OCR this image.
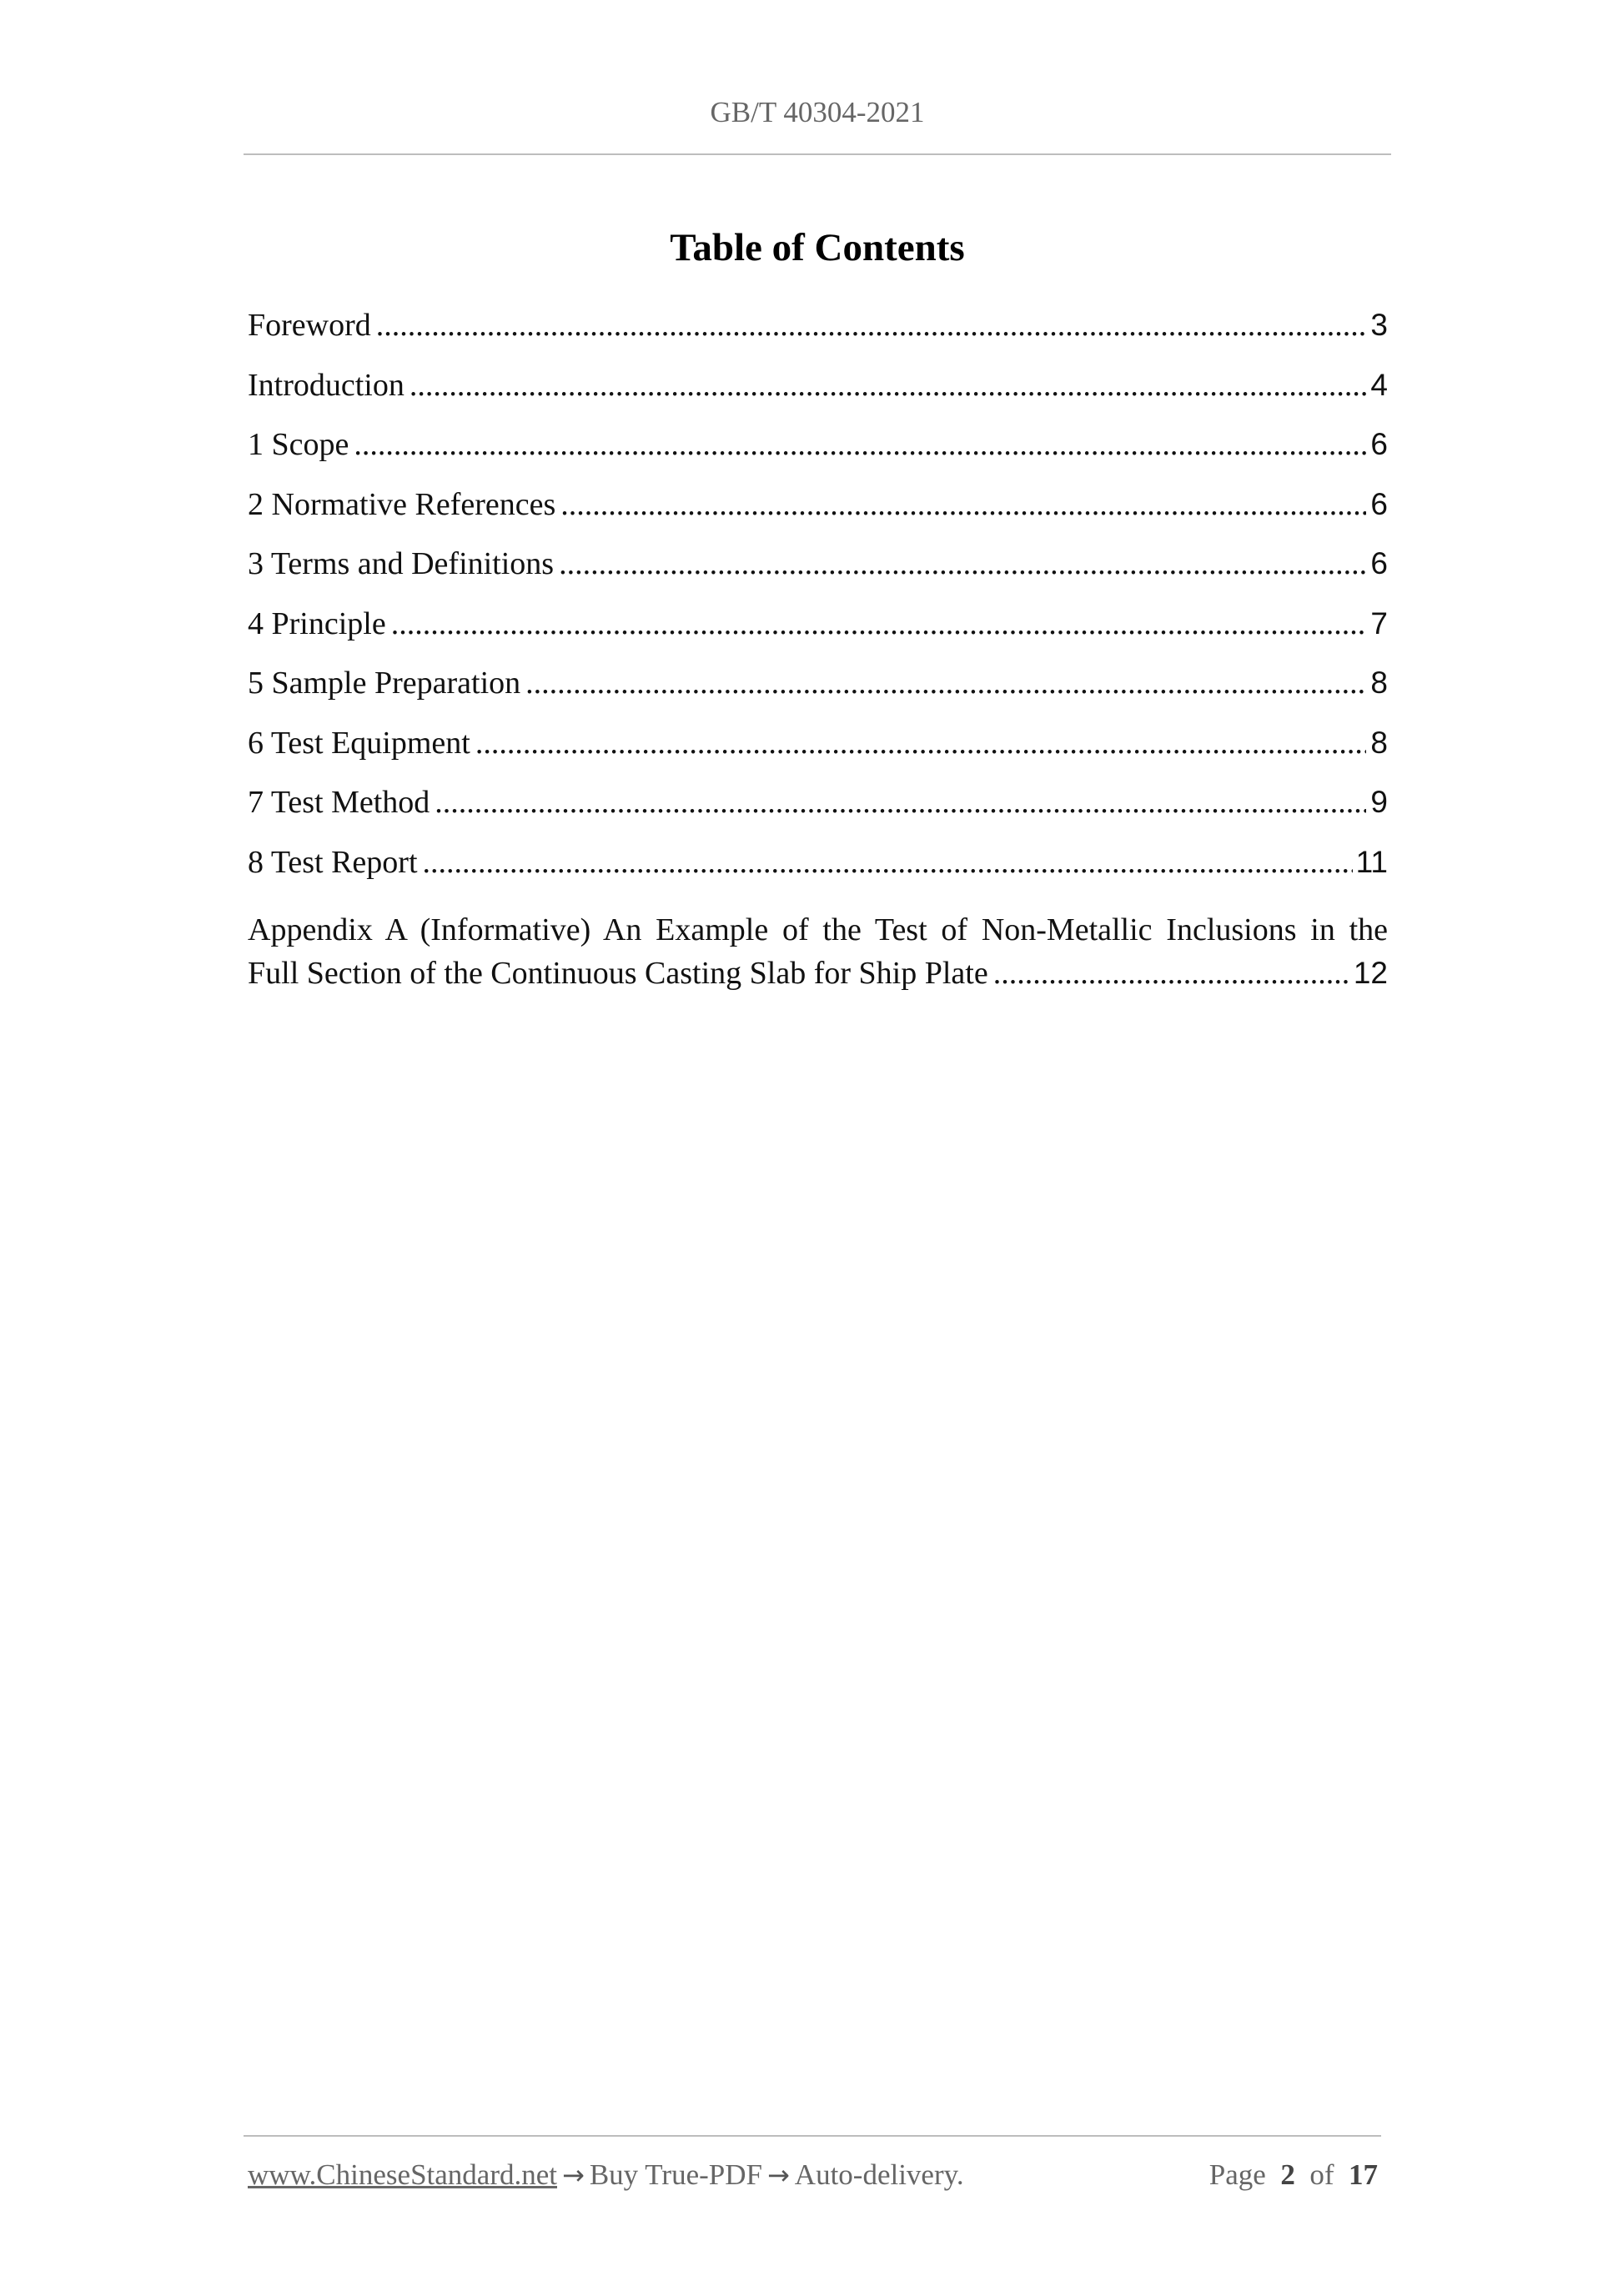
GB/T 40304-2021
Table of Contents
Foreword .....	3
Introduction .....	4
1 Scope .....	6
2 Normative References .....	6
3 Terms and Definitions .....	6
4 Principle .....	7
5 Sample Preparation .....	8
6 Test Equipment .....	8
7 Test Method .....	9
8 Test Report .....	11
Appendix A (Informative) An Example of the Test of Non-Metallic Inclusions in the
Full Section of the Continuous Casting Slab for Ship Plate .....	12
www.ChineseStandard.net → Buy True-PDF → Auto-delivery.	Page 2 of 17
